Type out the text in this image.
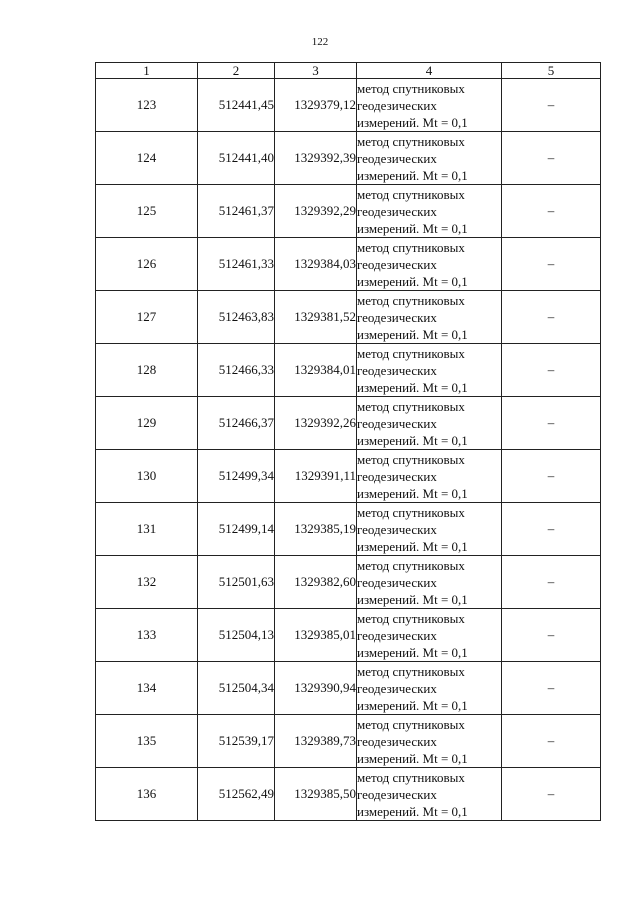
122
1	2	3	4	5
123	512441,45	1329379,12	метод спутниковых
геодезических
измерений. Mt = 0,1	–
124	512441,40	1329392,39	метод спутниковых
геодезических
измерений. Mt = 0,1	–
125	512461,37	1329392,29	метод спутниковых
геодезических
измерений. Mt = 0,1	–
126	512461,33	1329384,03	метод спутниковых
геодезических
измерений. Mt = 0,1	–
127	512463,83	1329381,52	метод спутниковых
геодезических
измерений. Mt = 0,1	–
128	512466,33	1329384,01	метод спутниковых
геодезических
измерений. Mt = 0,1	–
129	512466,37	1329392,26	метод спутниковых
геодезических
измерений. Mt = 0,1	–
130	512499,34	1329391,11	метод спутниковых
геодезических
измерений. Mt = 0,1	–
131	512499,14	1329385,19	метод спутниковых
геодезических
измерений. Mt = 0,1	–
132	512501,63	1329382,60	метод спутниковых
геодезических
измерений. Mt = 0,1	–
133	512504,13	1329385,01	метод спутниковых
геодезических
измерений. Mt = 0,1	–
134	512504,34	1329390,94	метод спутниковых
геодезических
измерений. Mt = 0,1	–
135	512539,17	1329389,73	метод спутниковых
геодезических
измерений. Mt = 0,1	–
136	512562,49	1329385,50	метод спутниковых
геодезических
измерений. Mt = 0,1	–
